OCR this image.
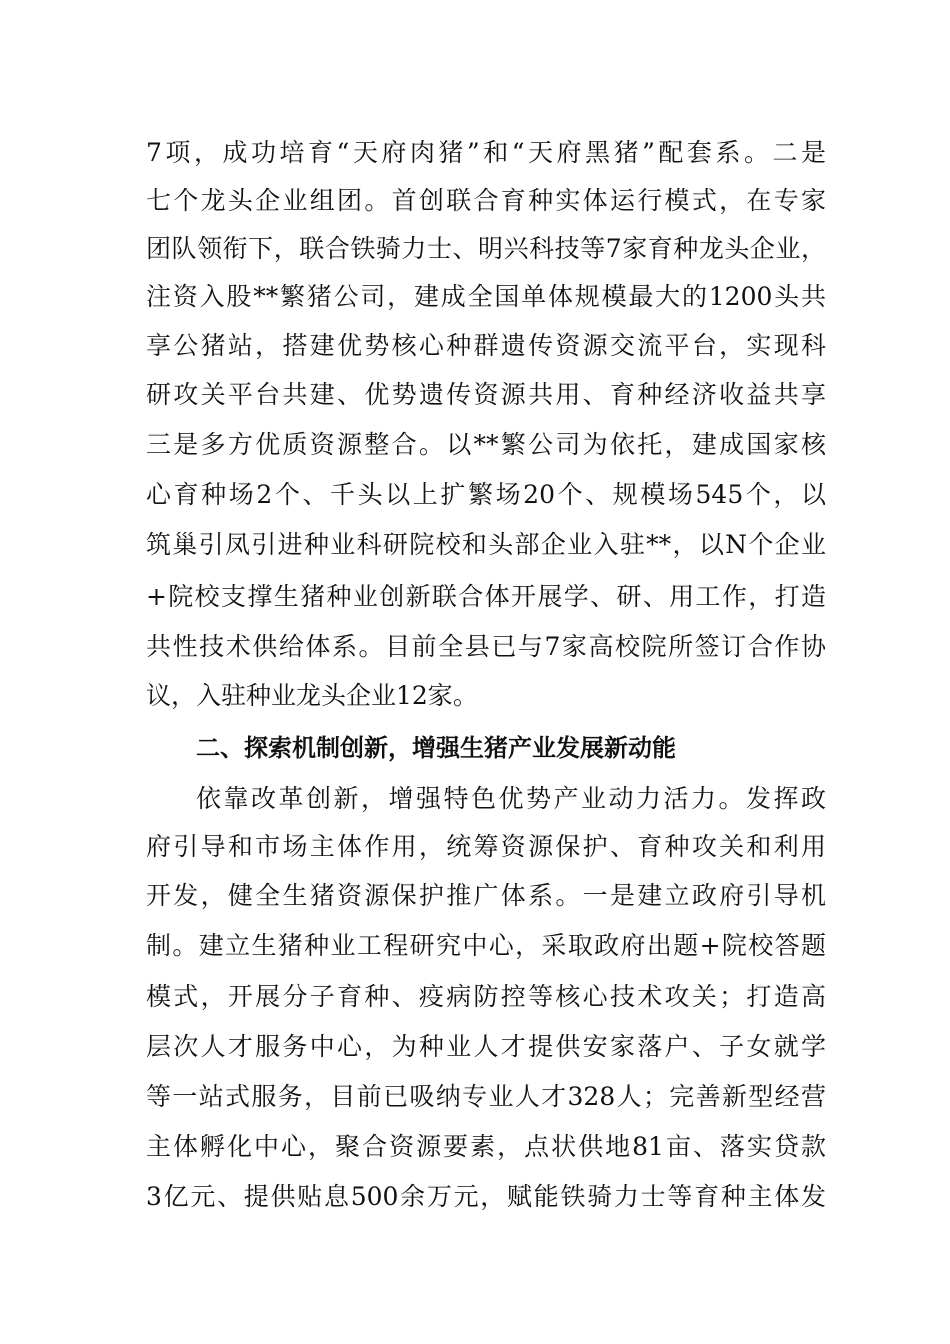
7项，成功培育“天府肉猪”和“天府黑猪”配套系。二是
七个龙头企业组团。首创联合育种实体运行模式，在专家
团队领衔下，联合铁骑力士、明兴科技等7家育种龙头企业，
注资入股**繁猪公司，建成全国单体规模最大的1200头共
享公猪站，搭建优势核心种群遗传资源交流平台，实现科
研攻关平台共建、优势遗传资源共用、育种经济收益共享
三是多方优质资源整合。以**繁公司为依托，建成国家核
心育种场2个、千头以上扩繁场20个、规模场545个，以
筑巢引凤引进种业科研院校和头部企业入驻**，以N个企业
+院校支撑生猪种业创新联合体开展学、研、用工作，打造
共性技术供给体系。目前全县已与7家高校院所签订合作协
议，入驻种业龙头企业12家。
二、探索机制创新，增强生猪产业发展新动能
依靠改革创新，增强特色优势产业动力活力。发挥政
府引导和市场主体作用，统筹资源保护、育种攻关和利用
开发，健全生猪资源保护推广体系。一是建立政府引导机
制。建立生猪种业工程研究中心，采取政府出题+院校答题
模式，开展分子育种、疫病防控等核心技术攻关；打造高
层次人才服务中心，为种业人才提供安家落户、子女就学
等一站式服务，目前已吸纳专业人才328人；完善新型经营
主体孵化中心，聚合资源要素，点状供地81亩、落实贷款
3亿元、提供贴息500余万元，赋能铁骑力士等育种主体发
